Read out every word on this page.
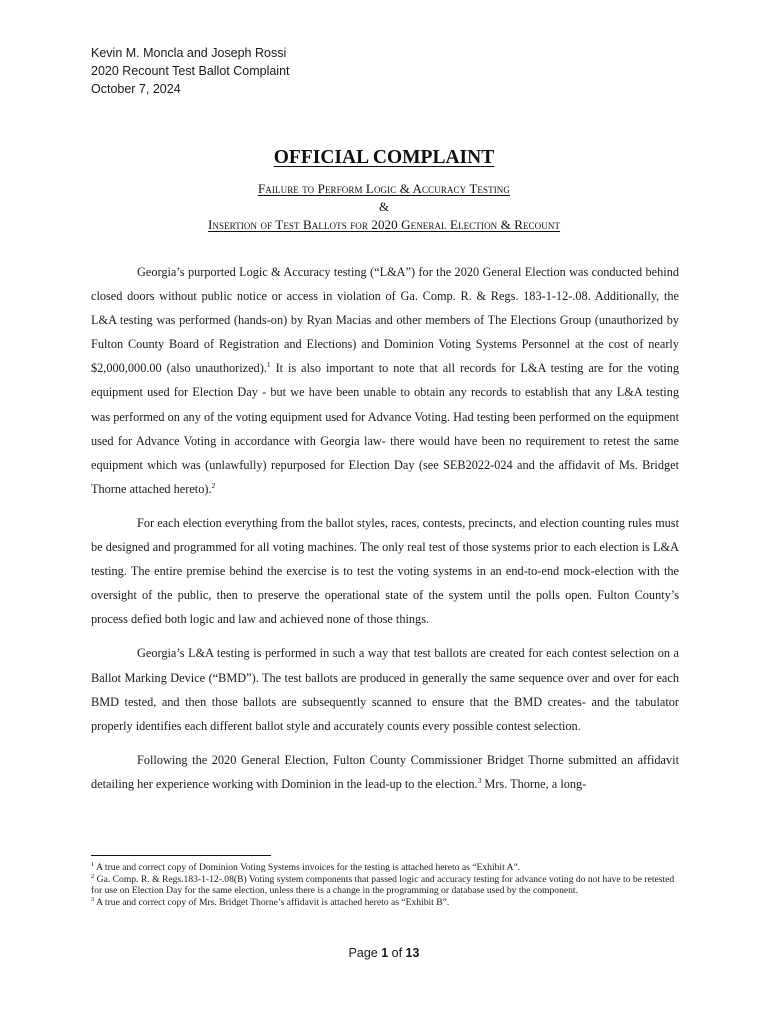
Kevin M. Moncla and Joseph Rossi
2020 Recount Test Ballot Complaint
October 7, 2024
OFFICIAL COMPLAINT
Failure to Perform Logic & Accuracy Testing
&
Insertion of Test Ballots for 2020 General Election & Recount

Georgia’s purported Logic & Accuracy testing (“L&A”) for the 2020 General Election was conducted behind closed doors without public notice or access in violation of Ga. Comp. R. & Regs. 183-1-12-.08. Additionally, the L&A testing was performed (hands-on) by Ryan Macias and other members of The Elections Group (unauthorized by Fulton County Board of Registration and Elections) and Dominion Voting Systems Personnel at the cost of nearly $2,000,000.00 (also unauthorized).$^1$ It is also important to note that all records for L&A testing are for the voting equipment used for Election Day - but we have been unable to obtain any records to establish that any L&A testing was performed on any of the voting equipment used for Advance Voting. Had testing been performed on the equipment used for Advance Voting in accordance with Georgia law- there would have been no requirement to retest the same equipment which was (unlawfully) repurposed for Election Day (see SEB2022-024 and the affidavit of Ms. Bridget Thorne attached hereto).$^2$

For each election everything from the ballot styles, races, contests, precincts, and election counting rules must be designed and programmed for all voting machines. The only real test of those systems prior to each election is L&A testing. The entire premise behind the exercise is to test the voting systems in an end-to-end mock-election with the oversight of the public, then to preserve the operational state of the system until the polls open. Fulton County’s process defied both logic and law and achieved none of those things.

Georgia’s L&A testing is performed in such a way that test ballots are created for each contest selection on a Ballot Marking Device (“BMD”). The test ballots are produced in generally the same sequence over and over for each BMD tested, and then those ballots are subsequently scanned to ensure that the BMD creates- and the tabulator properly identifies each different ballot style and accurately counts every possible contest selection.

Following the 2020 General Election, Fulton County Commissioner Bridget Thorne submitted an affidavit detailing her experience working with Dominion in the lead-up to the election.$^3$ Mrs. Thorne, a long-

$^1$ A true and correct copy of Dominion Voting Systems invoices for the testing is attached hereto as “Exhibit A”.
$^2$ Ga. Comp. R. & Regs.183-1-12-.08(B) Voting system components that passed logic and accuracy testing for advance voting do not have to be retested for use on Election Day for the same election, unless there is a change in the programming or database used by the component.
$^3$ A true and correct copy of Mrs. Bridget Thorne’s affidavit is attached hereto as “Exhibit B”.
Page 1 of 13
